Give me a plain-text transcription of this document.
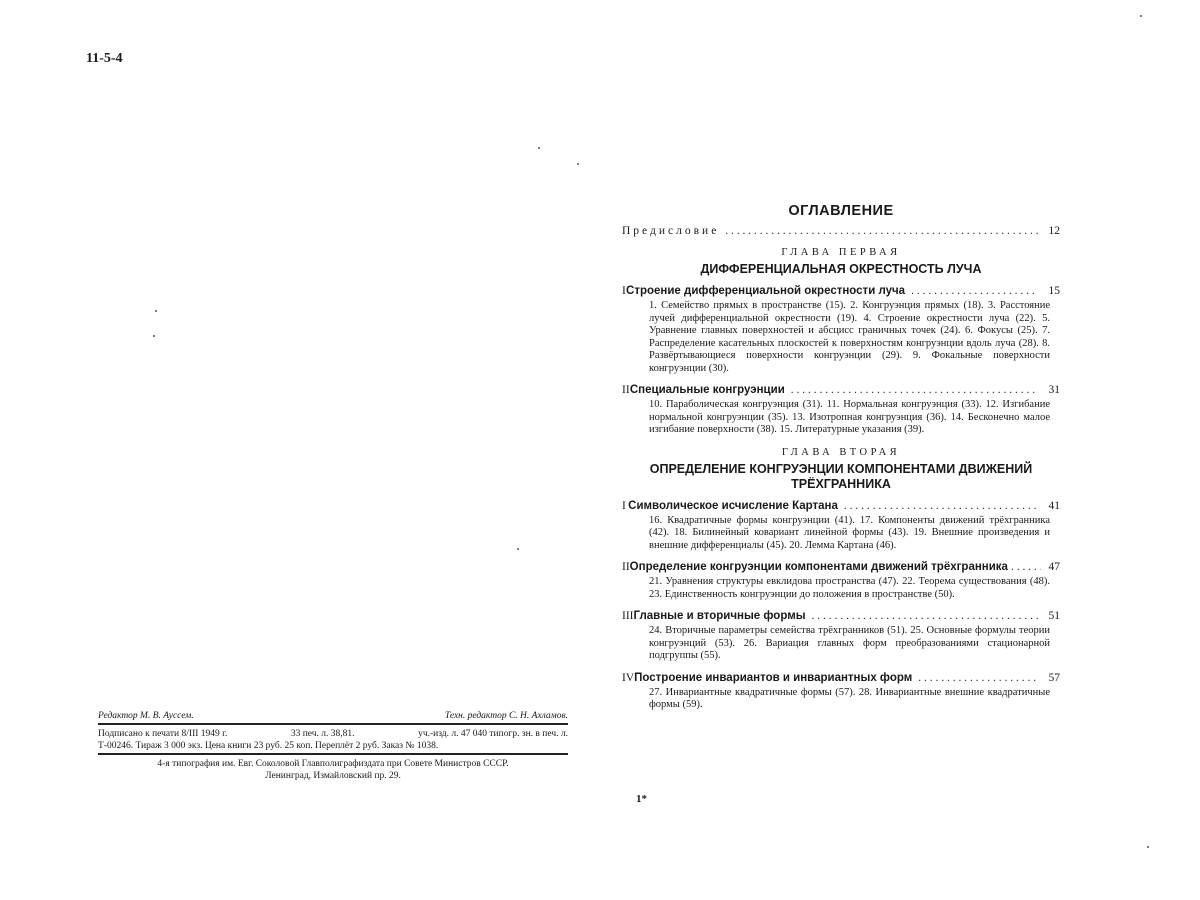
11-5-4
Редактор М. В. Ауссем.	Техн. редактор С. Н. Ахламов.
Подписано к печати 8/III 1949 г.	33 печ. л. 38,81.	уч.-изд. л. 47 040 типогр. зн. в печ. л.
Т-00246. Тираж 3 000 экз. Цена книги 23 руб. 25 коп. Переплёт 2 руб. Заказ № 1038.
4-я типография им. Евг. Соколовой Главполиграфиздата при Совете Министров СССР.
Ленинград, Измайловский пр. 29.
ОГЛАВЛЕНИЕ
Предисловие . . .	12
ГЛАВА ПЕРВАЯ
ДИФФЕРЕНЦИАЛЬНАЯ ОКРЕСТНОСТЬ ЛУЧА
I Строение дифференциальной окрестности луча . . .	15
1. Семейство прямых в пространстве (15). 2. Конгруэнция прямых (18). 3. Расстояние лучей дифференциальной окрестности (19). 4. Строение окрестности луча (22). 5. Уравнение главных поверхностей и абсцисс граничных точек (24). 6. Фокусы (25). 7. Распределение касательных плоскостей к поверхностям конгруэнции вдоль луча (28). 8. Развёртывающиеся поверхности конгруэнции (29). 9. Фокальные поверхности конгруэнции (30).
II Специальные конгруэнции . . .	31
10. Параболическая конгруэнция (31). 11. Нормальная конгруэнция (33). 12. Изгибание нормальной конгруэнции (35). 13. Изотропная конгруэнция (36). 14. Бесконечно малое изгибание поверхности (38). 15. Литературные указания (39).
ГЛАВА ВТОРАЯ
ОПРЕДЕЛЕНИЕ КОНГРУЭНЦИИ КОМПОНЕНТАМИ ДВИЖЕНИЙ ТРЁХГРАННИКА
I Символическое исчисление Картана . . .	41
16. Квадратичные формы конгруэнции (41). 17. Компоненты движений трёхгранника (42). 18. Билинейный ковариант линейной формы (43). 19. Внешние произведения и внешние дифференциалы (45). 20. Лемма Картана (46).
II Определение конгруэнции компонентами движений трёхгранника . . .	47
21. Уравнения структуры евклидова пространства (47). 22. Теорема существования (48). 23. Единственность конгруэнции до положения в пространстве (50).
III Главные и вторичные формы . . .	51
24. Вторичные параметры семейства трёхгранников (51). 25. Основные формулы теории конгруэнций (53). 26. Вариация главных форм преобразованиями стационарной подгруппы (55).
IV Построение инвариантов и инвариантных форм . . .	57
27. Инвариантные квадратичные формы (57). 28. Инвариантные внешние квадратичные формы (59).
1*
